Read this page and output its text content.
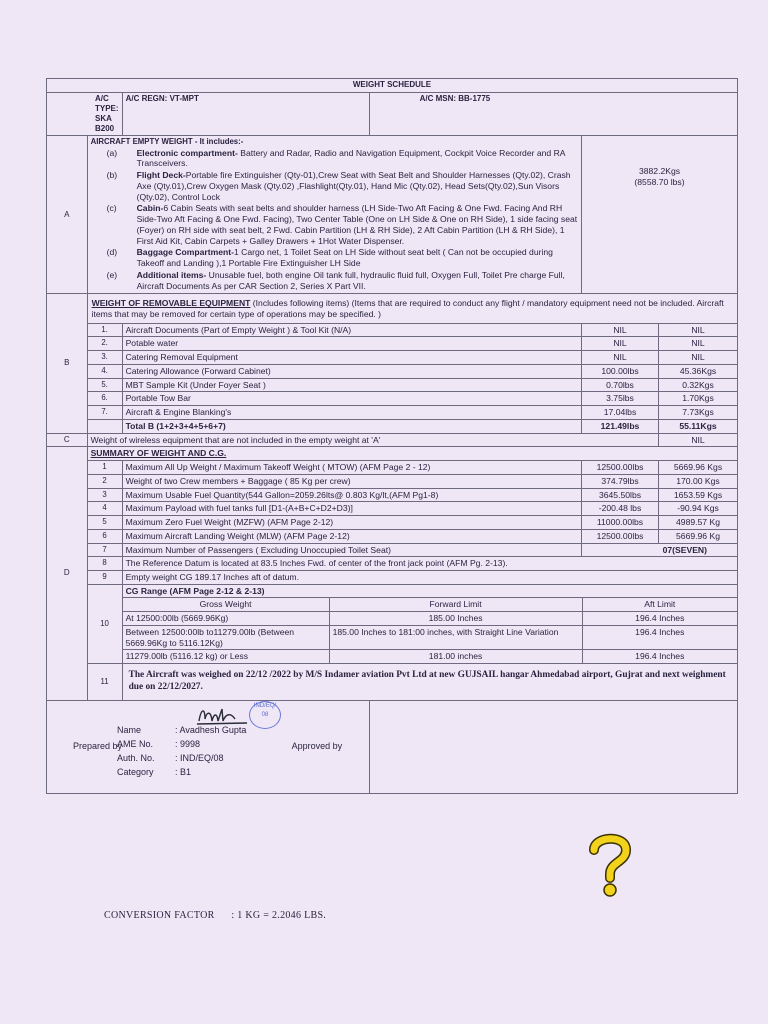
WEIGHT SCHEDULE
A/C TYPE: SKA B200	A/C REGN: VT-MPT	A/C MSN: BB-1775
A	
AIRCRAFT EMPTY WEIGHT - It includes:-
(a) Electronic compartment- Battery and Radar, Radio and Navigation Equipment, Cockpit Voice Recorder and RA Transceivers.
(b) Flight Deck-Portable fire Extinguisher (Qty-01),Crew Seat with Seat Belt and Shoulder Harnesses (Qty.02), Crash Axe (Qty.01),Crew Oxygen Mask (Qty.02) ,Flashlight(Qty.01), Hand Mic (Qty.02), Head Sets(Qty.02),Sun Visors (Qty.02), Control Lock
(c) Cabin-6 Cabin Seats with seat belts and shoulder harness (LH Side-Two Aft Facing & One Fwd. Facing And RH Side-Two Aft Facing & One Fwd. Facing), Two Center Table (One on LH Side & One on RH Side), 1 side facing seat (Foyer) on RH side with seat belt, 2 Fwd. Cabin Partition (LH & RH Side), 2 Aft Cabin Partition (LH & RH Side), 1 First Aid Kit, Cabin Carpets + Galley Drawers + 1Hot Water Dispenser.
(d) Baggage Compartment-1 Cargo net, 1 Toilet Seat on LH Side without seat belt ( Can not be occupied during Takeoff and Landing ),1 Portable Fire Extinguisher LH Side
(e) Additional items- Unusable fuel, both engine Oil tank full, hydraulic fluid full, Oxygen Full, Toilet Pre charge Full, Aircraft Documents As per CAR Section 2, Series X Part VII.

3882.2Kgs
(8558.70 lbs)

B	WEIGHT OF REMOVABLE EQUIPMENT (Includes following items) (Items that are required to conduct any flight / mandatory equipment need not be included. Aircraft items that may be removed for certain type of operations may be specified. )
1.	Aircraft Documents (Part of Empty Weight ) & Tool Kit (N/A)	NIL	NIL
2.	Potable water	NIL	NIL
3.	Catering Removal Equipment	NIL	NIL
4.	Catering Allowance (Forward Cabinet)	100.00lbs	45.36Kgs
5.	MBT Sample Kit (Under Foyer Seat )	0.70lbs	0.32Kgs
6.	Portable Tow Bar	3.75lbs	1.70Kgs
7.	Aircraft & Engine Blanking's	17.04lbs	7.73Kgs
	Total B (1+2+3+4+5+6+7)	121.49lbs	55.11Kgs
C	Weight of wireless equipment that are not included in the empty weight at 'A'	NIL
D	SUMMARY OF WEIGHT AND C.G.
1	Maximum All Up Weight / Maximum Takeoff Weight ( MTOW) (AFM Page 2 - 12)	12500.00lbs	5669.96 Kgs
2	Weight of two Crew members + Baggage ( 85 Kg per crew)	374.79lbs	170.00 Kgs
3	Maximum Usable Fuel Quantity(544 Gallon=2059.26lts@ 0.803 Kg/lt,(AFM Pg1-8)	3645.50lbs	1653.59 Kgs
4	Maximum Payload with fuel tanks full [D1-(A+B+C+D2+D3)]	-200.48 lbs	-90.94 Kgs
5	Maximum Zero Fuel Weight (MZFW) (AFM Page 2-12)	11000.00lbs	4989.57 Kg
6	Maximum Aircraft Landing Weight (MLW) (AFM Page 2-12)	12500.00lbs	5669.96 Kg
7	Maximum Number of Passengers ( Excluding Unoccupied Toilet Seat)	07(SEVEN)
8	The Reference Datum is located at 83.5 Inches Fwd. of center of the front jack point (AFM Pg. 2-13).
9	Empty weight CG 189.17 Inches aft of datum.
10	
CG Range (AFM Page 2-12 & 2-13)
Gross Weight	Forward Limit	Aft Limit
At 12500:00lb (5669.96Kg)	185.00 Inches	196.4 Inches
Between 12500:00lb to11279.00lb (Between 5669.96Kg to 5116.12Kg)	185.00 Inches to 181:00 inches, with Straight Line Variation	196.4 Inches
11279.00lb (5116.12 kg) or Less	181.00 inches	196.4 Inches

11	The Aircraft was weighed on 22/12 /2022 by M/S Indamer aviation Pvt Ltd at new GUJSAIL hangar Ahmedabad airport, Gujrat and next weighment due on 22/12/2027.

Prepared by
IND/EQ/ 08
Name	: Avadhesh Gupta
AME No.	: 9998
Auth. No.	: IND/EQ/08
Category	: B1

Approved by
CONVERSION FACTOR : 1 KG = 2.2046 LBS.
